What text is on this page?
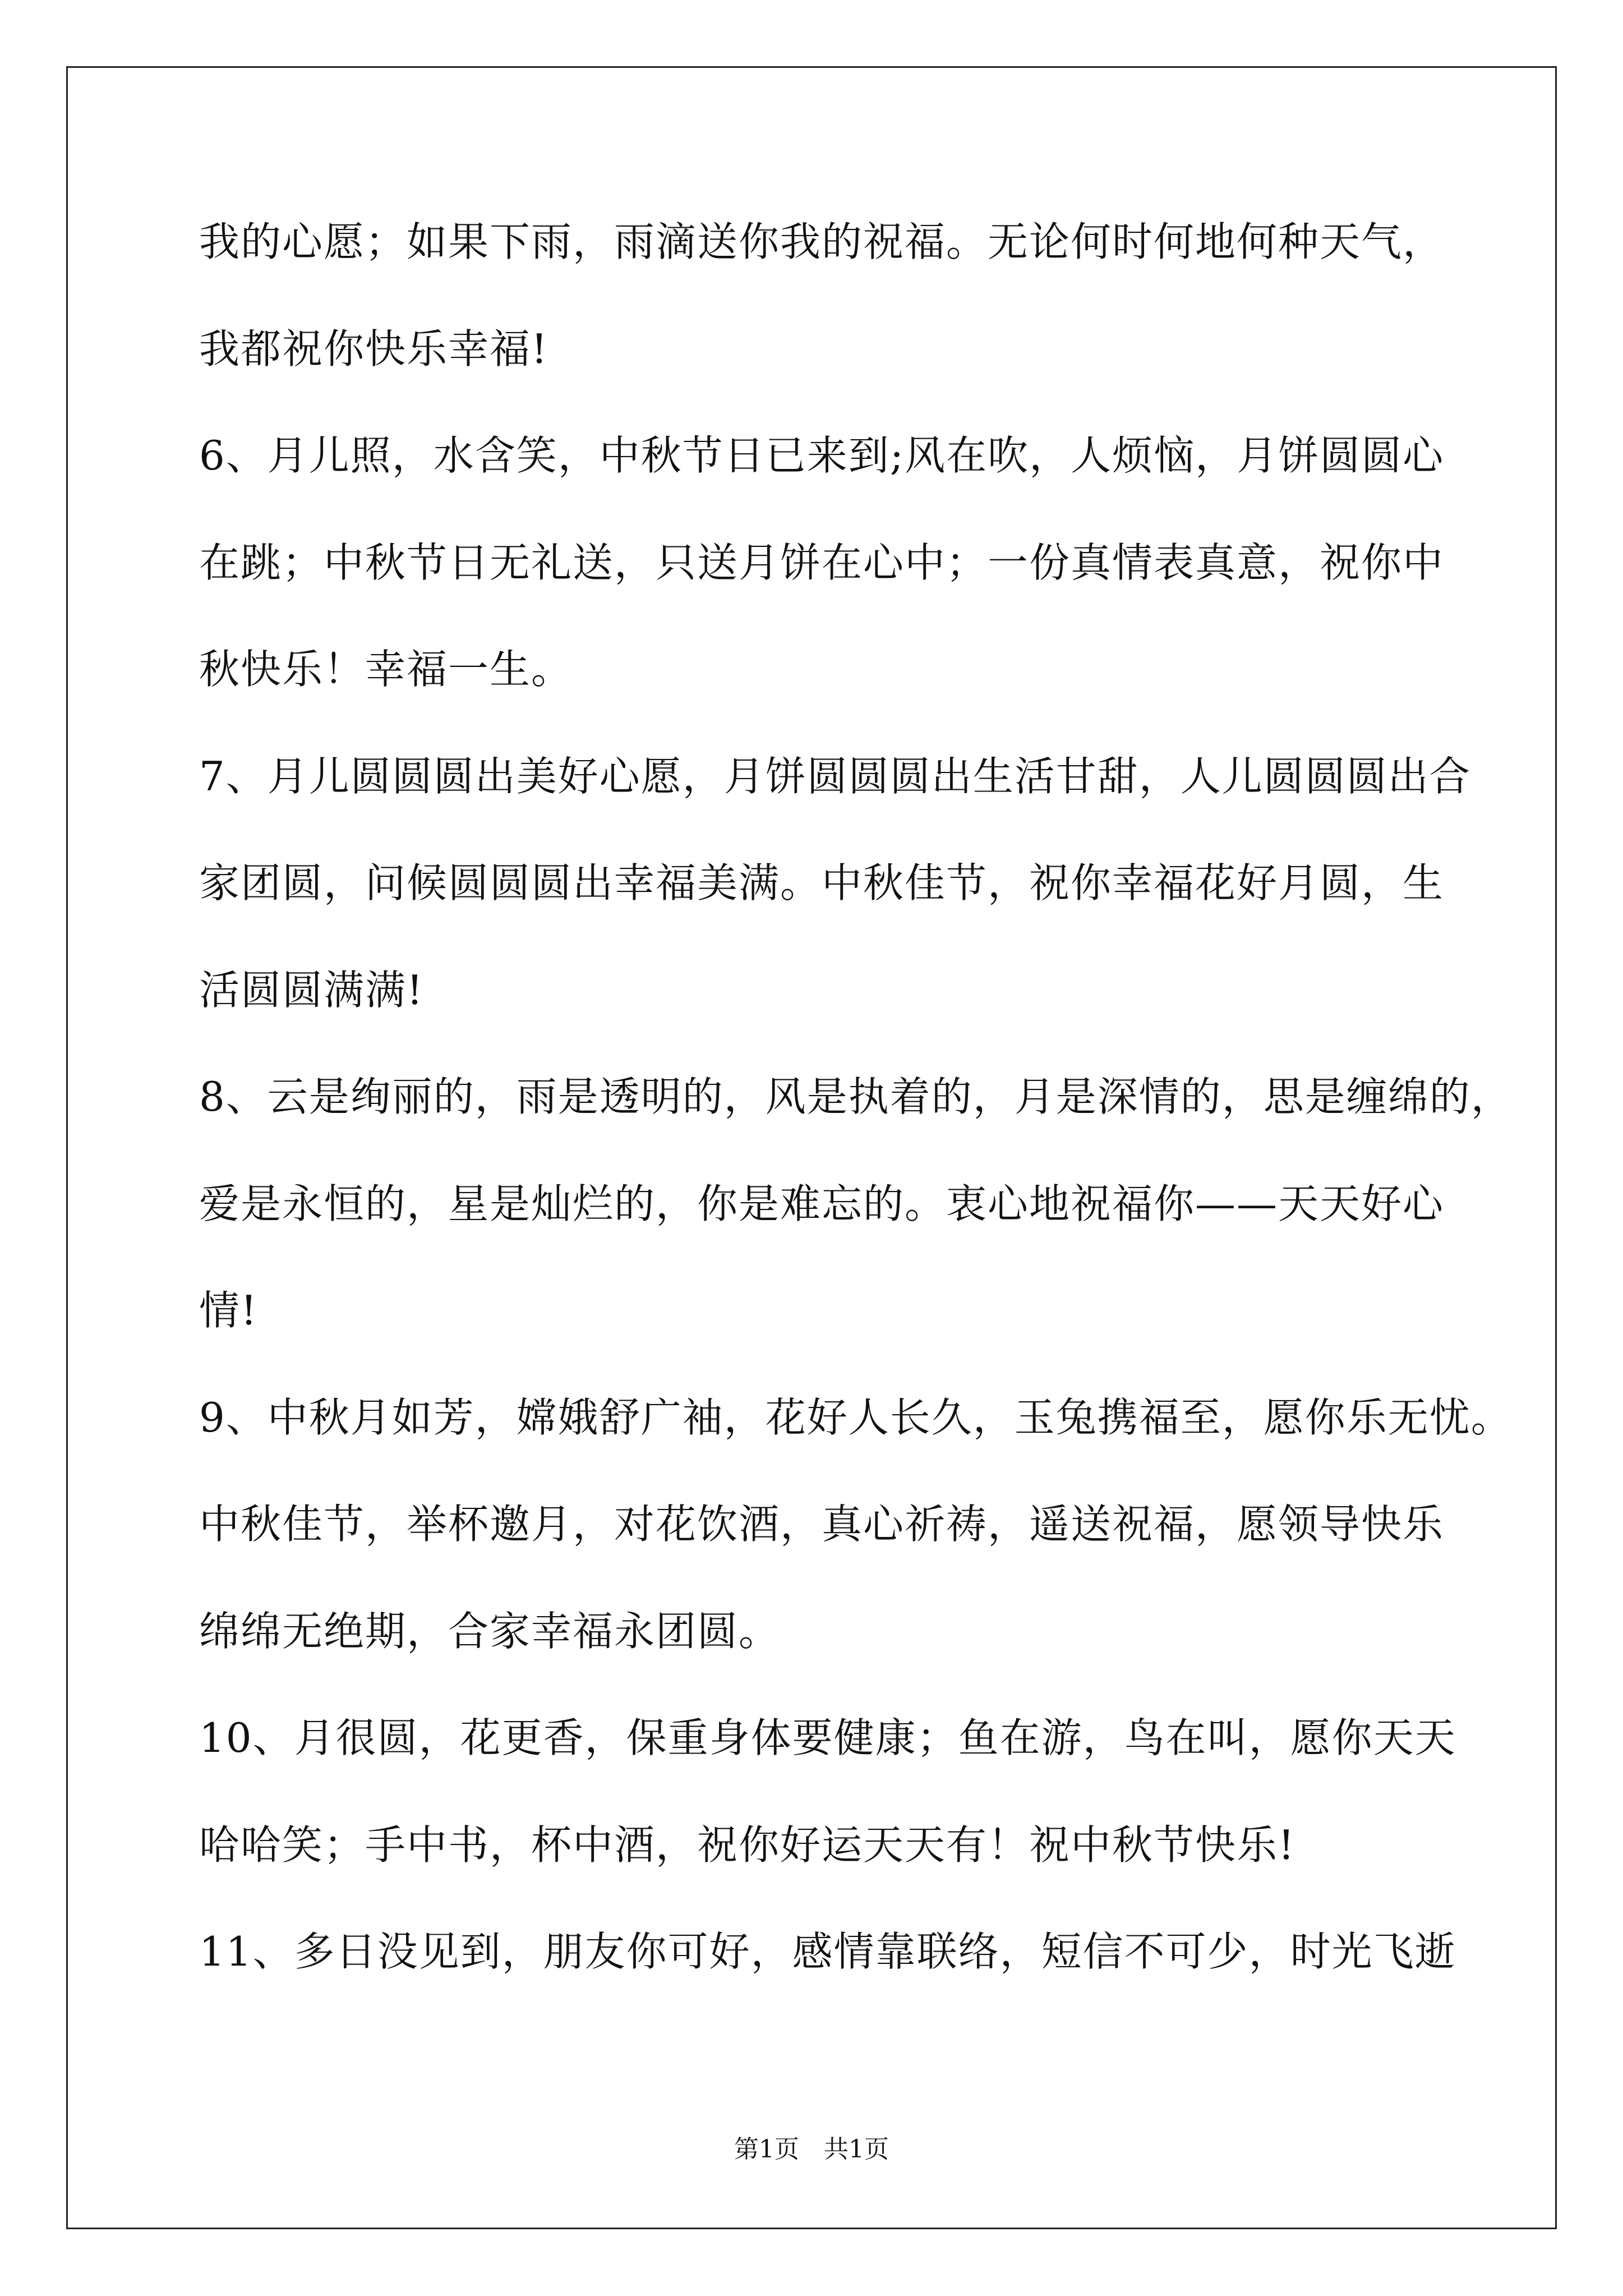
我的心愿；如果下雨，雨滴送你我的祝福。无论何时何地何种天气，
我都祝你快乐幸福!
6、月儿照，水含笑，中秋节日已来到;风在吹，人烦恼，月饼圆圆心
在跳；中秋节日无礼送，只送月饼在心中；一份真情表真意，祝你中
秋快乐！幸福一生。
7、月儿圆圆圆出美好心愿，月饼圆圆圆出生活甘甜，人儿圆圆圆出合
家团圆，问候圆圆圆出幸福美满。中秋佳节，祝你幸福花好月圆，生
活圆圆满满!
8、云是绚丽的，雨是透明的，风是执着的，月是深情的，思是缠绵的，
爱是永恒的，星是灿烂的，你是难忘的。衷心地祝福你——天天好心
情!
9、中秋月如芳，嫦娥舒广袖，花好人长久，玉兔携福至，愿你乐无忧。
中秋佳节，举杯邀月，对花饮酒，真心祈祷，遥送祝福，愿领导快乐
绵绵无绝期，合家幸福永团圆。
10、月很圆，花更香，保重身体要健康；鱼在游，鸟在叫，愿你天天
哈哈笑；手中书，杯中酒，祝你好运天天有！祝中秋节快乐!
11、多日没见到，朋友你可好，感情靠联络，短信不可少，时光飞逝
第1页　共1页
